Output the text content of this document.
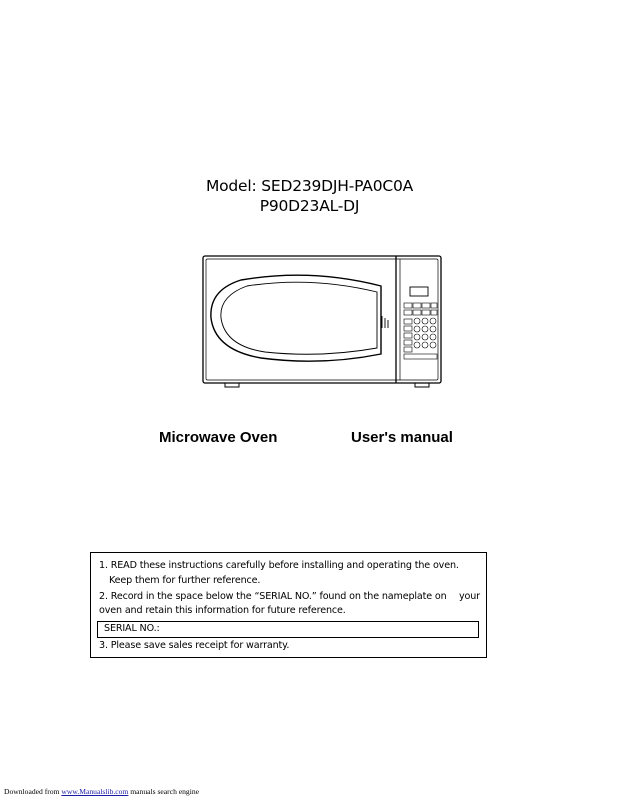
Model: SED239DJH-PA0C0A
P90D23AL-DJ
Microwave Oven	User's manual
1. READ these instructions carefully before installing and operating the oven.
Keep them for further reference.
2. Record in the space below the “SERIAL NO.” found on the nameplate on your
oven and retain this information for future reference.
SERIAL NO.:
3. Please save sales receipt for warranty.
Downloaded from www.Manualslib.com manuals search engine
